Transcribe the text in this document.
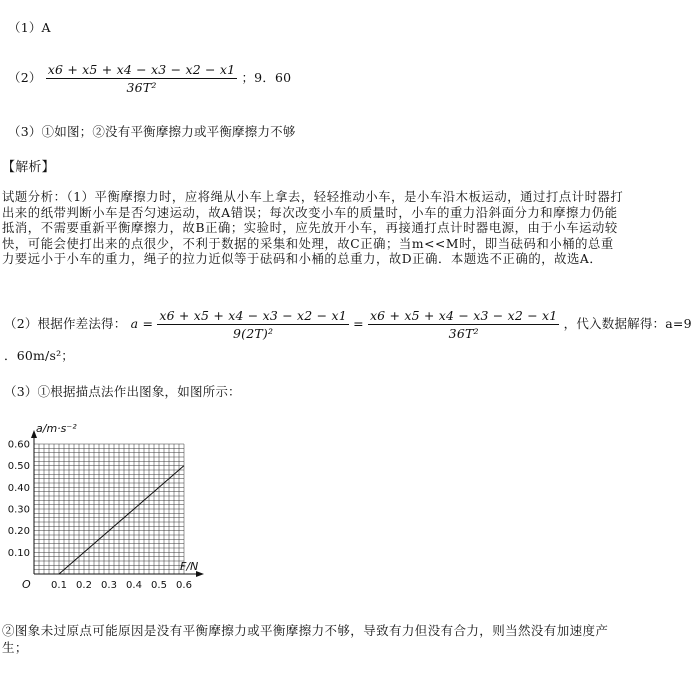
（1）A
$(2) \frac{x6 + x5 + x4 - x3 - x2 - x1}{\text{36T²}}$ ；9．60
（3）①如图；②没有平衡摩擦力或平衡摩擦力不够
【解析】
试题分析：（1）平衡摩擦力时，应将绳从小车上拿去，轻轻推动小车，是小车沿木板运动，通过打点计时器打出来的纸带判断小车是否匀速运动，故A错误；每次改变小车的质量时，小车的重力沿斜面分力和摩擦力仍能抵消，不需要重新平衡摩擦力，故B正确；实验时，应先放开小车，再接通打点计时器电源，由于小车运动较快，可能会使打出来的点很少，不利于数据的采集和处理，故C正确；当m<<M时，即当砝码和小桶的总重力要远小于小车的重力，绳子的拉力近似等于砝码和小桶的总重力，故D正确．本题选不正确的，故选A．
（2）根据作差法得： $a = \frac{x6 + x5 + x4 - x3 - x2 - x1}{\text{9(2T)²}} = \frac{x6 + x5 + x4 - x3 - x2 - x1}{\text{36T²}}$ ，代入数据解得：a=9
．60m/s²；
（3）①根据描点法作出图象，如图所示：
0.1 0.2 0.3 0.4 0.5 0.6
0.10
0.20
0.30
0.40
0.50
0.60
a/m·s⁻²
F/N
O
②图象未过原点可能原因是没有平衡摩擦力或平衡摩擦力不够，导致有力但没有合力，则当然没有加速度产生；
